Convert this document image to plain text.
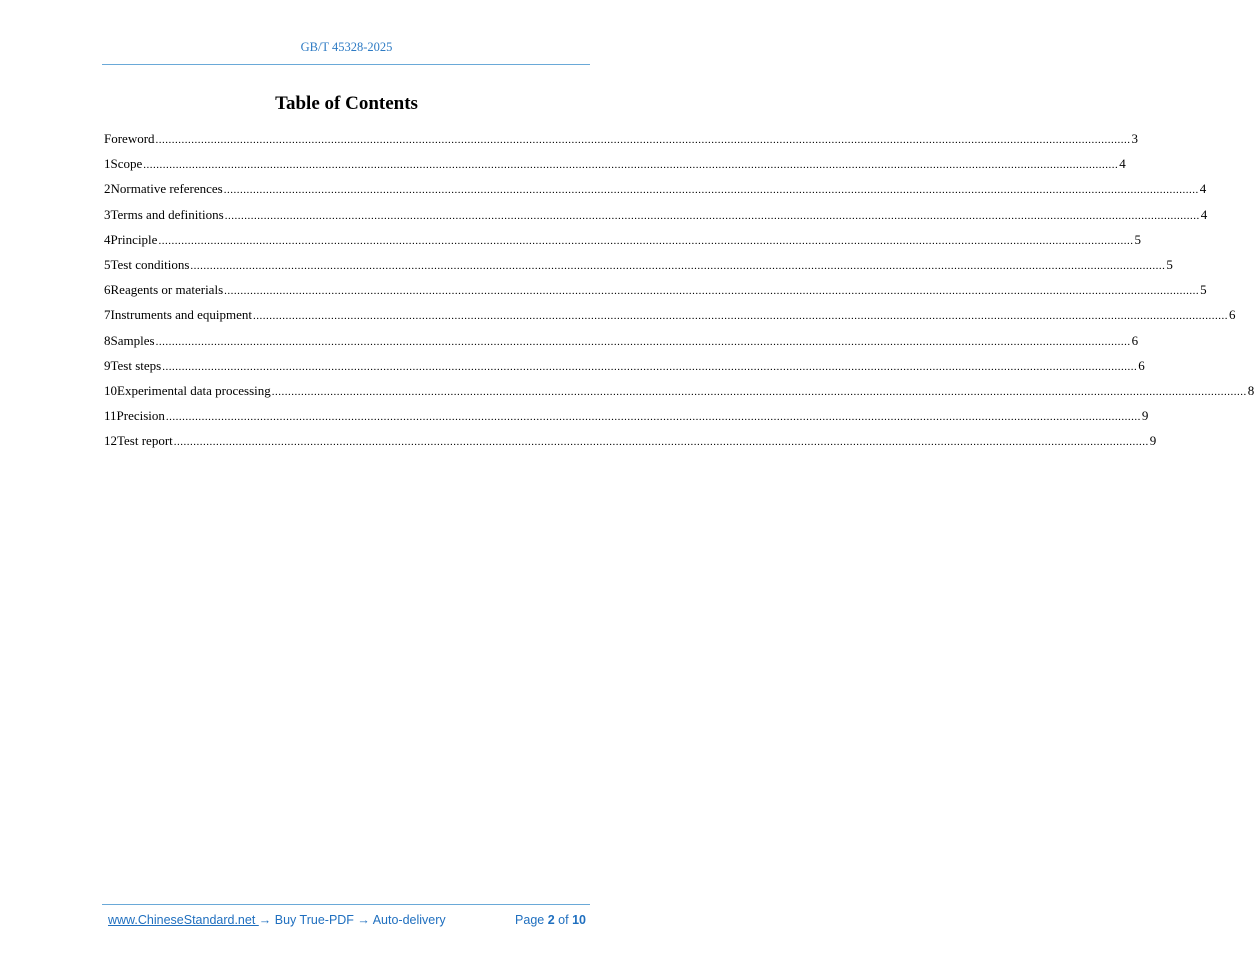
GB/T 45328-2025
Table of Contents
Foreword ............................................................................................................................................................................................................................................................................................................ 3
1 Scope ............................................................................................................................................................................................................................................................................................................ 4
2 Normative references ............................................................................................................................................................................................................................................................................................................ 4
3 Terms and definitions ............................................................................................................................................................................................................................................................................................................ 4
4 Principle ............................................................................................................................................................................................................................................................................................................ 5
5 Test conditions ............................................................................................................................................................................................................................................................................................................ 5
6 Reagents or materials ............................................................................................................................................................................................................................................................................................................ 5
7 Instruments and equipment ............................................................................................................................................................................................................................................................................................................ 6
8 Samples ............................................................................................................................................................................................................................................................................................................ 6
9 Test steps ............................................................................................................................................................................................................................................................................................................ 6
10 Experimental data processing ............................................................................................................................................................................................................................................................................................................ 8
11 Precision ............................................................................................................................................................................................................................................................................................................ 9
12 Test report ............................................................................................................................................................................................................................................................................................................ 9
www.ChineseStandard.net → Buy True-PDF → Auto-delivery	Page 2 of 10
